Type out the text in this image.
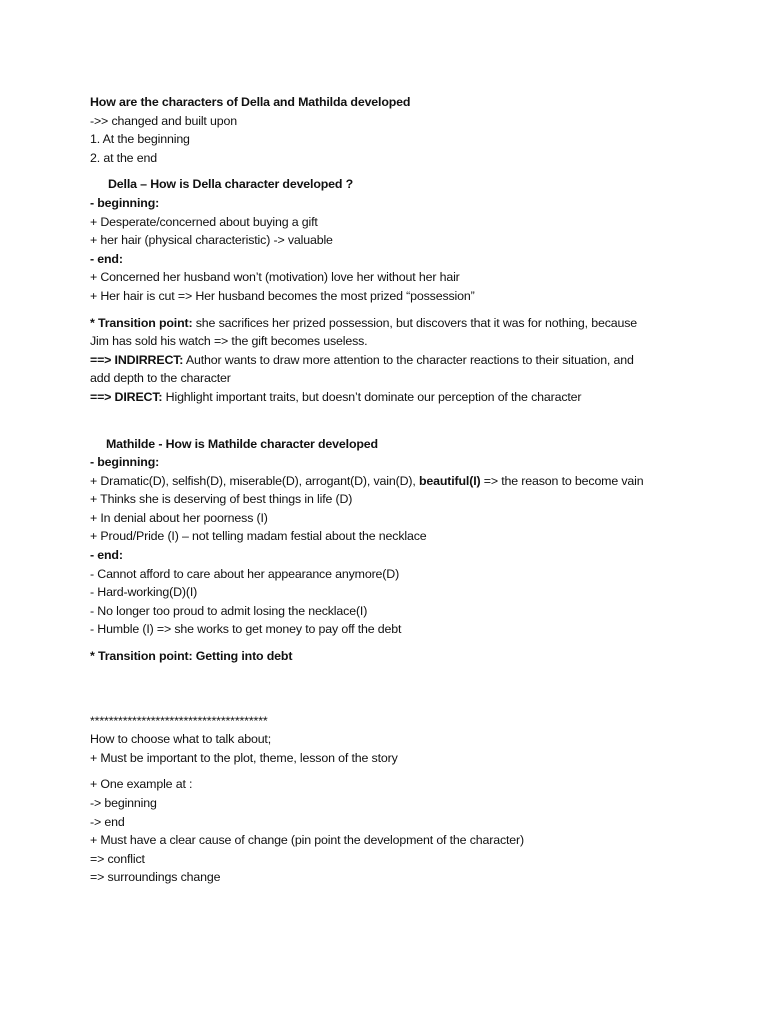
How are the characters of Della and Mathilda developed
->> changed and built upon
1. At the beginning
2. at the end
Della – How is Della character developed ?
- beginning:
+ Desperate/concerned about buying a gift
+ her hair (physical characteristic) -> valuable
- end:
+ Concerned her husband won’t (motivation) love her without her hair
+ Her hair is cut => Her husband becomes the most prized “possession”
* Transition point: she sacrifices her prized possession, but discovers that it was for nothing, because
Jim has sold his watch => the gift becomes useless.
==> INDIRRECT: Author wants to draw more attention to the character reactions to their situation, and
add depth to the character
==> DIRECT: Highlight important traits, but doesn’t dominate our perception of the character
Mathilde - How is Mathilde character developed
- beginning:
+ Dramatic(D), selfish(D), miserable(D), arrogant(D), vain(D), beautiful(I) => the reason to become vain
+ Thinks she is deserving of best things in life (D)
+ In denial about her poorness (I)
+ Proud/Pride (I) – not telling madam festial about the necklace
- end:
- Cannot afford to care about her appearance anymore(D)
- Hard-working(D)(I)
- No longer too proud to admit losing the necklace(I)
- Humble (I) => she works to get money to pay off the debt
* Transition point: Getting into debt
**************************************
How to choose what to talk about;
+ Must be important to the plot, theme, lesson of the story
+ One example at :
-> beginning
-> end
+ Must have a clear cause of change (pin point the development of the character)
=> conflict
=> surroundings change
